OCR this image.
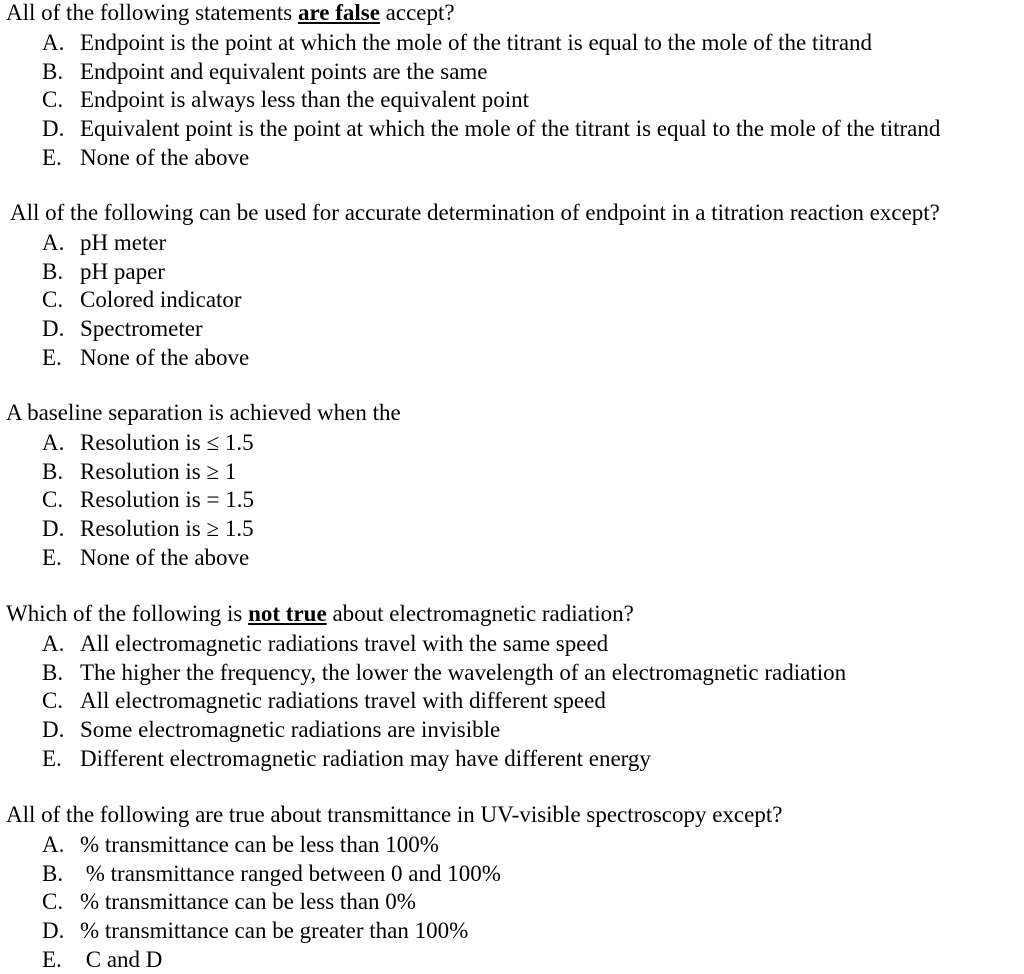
All of the following statements are false accept?
A. Endpoint is the point at which the mole of the titrant is equal to the mole of the titrand
B. Endpoint and equivalent points are the same
C. Endpoint is always less than the equivalent point
D. Equivalent point is the point at which the mole of the titrant is equal to the mole of the titrand
E. None of the above
All of the following can be used for accurate determination of endpoint in a titration reaction except?
A. pH meter
B. pH paper
C. Colored indicator
D. Spectrometer
E. None of the above
A baseline separation is achieved when the
A. Resolution is ≤ 1.5
B. Resolution is ≥ 1
C. Resolution is = 1.5
D. Resolution is ≥ 1.5
E. None of the above
Which of the following is not true about electromagnetic radiation?
A. All electromagnetic radiations travel with the same speed
B. The higher the frequency, the lower the wavelength of an electromagnetic radiation
C. All electromagnetic radiations travel with different speed
D. Some electromagnetic radiations are invisible
E. Different electromagnetic radiation may have different energy
All of the following are true about transmittance in UV-visible spectroscopy except?
A. % transmittance can be less than 100%
B. % transmittance ranged between 0 and 100%
C. % transmittance can be less than 0%
D. % transmittance can be greater than 100%
E. C and D
